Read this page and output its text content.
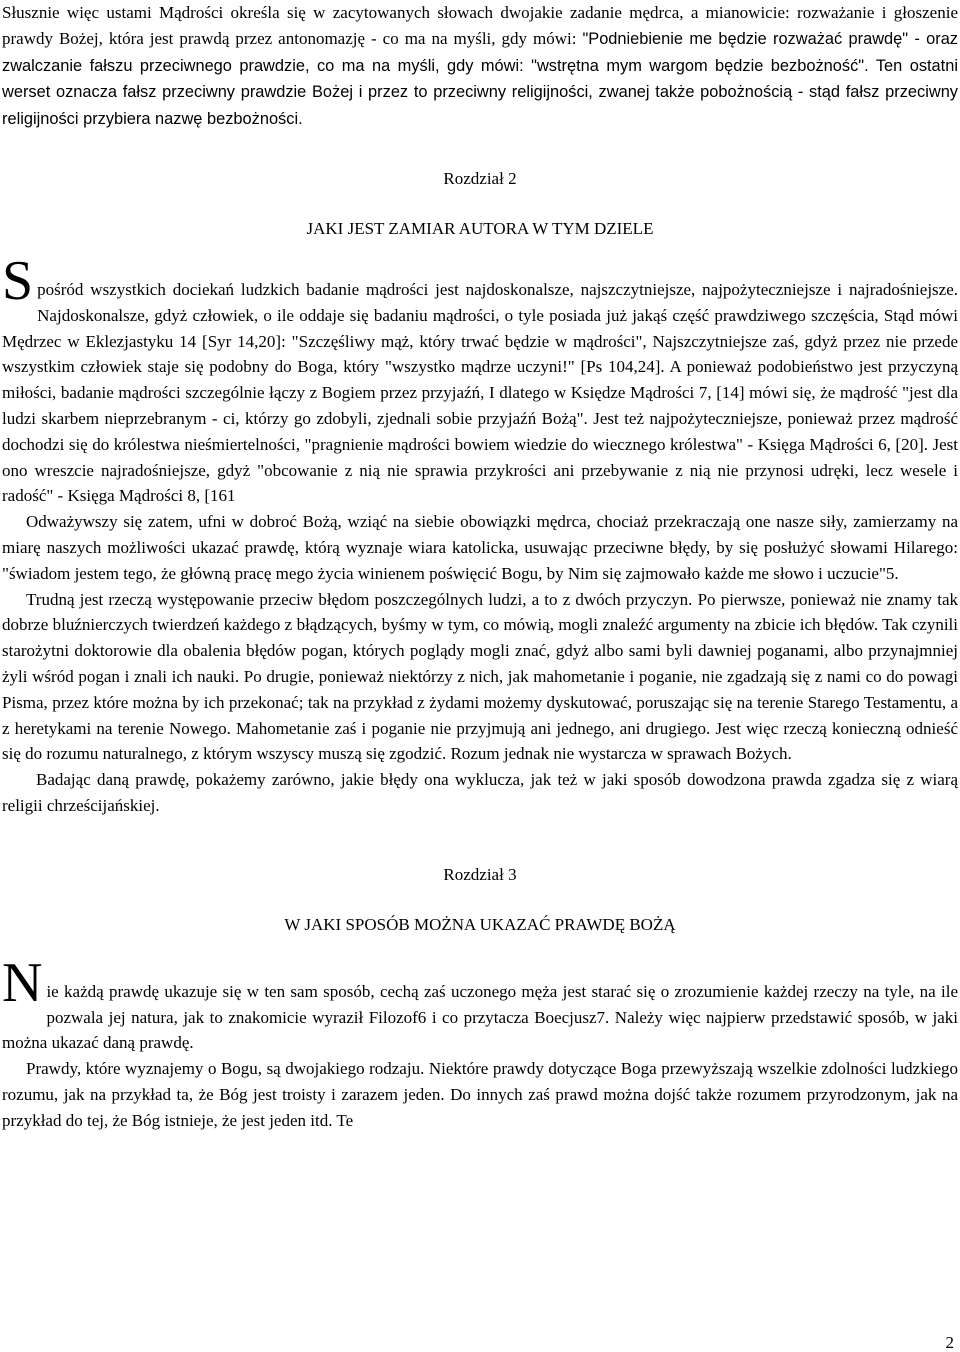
Słusznie więc ustami Mądrości określa się w zacytowanych słowach dwojakie zadanie mędrca, a mianowicie: rozważanie i głoszenie prawdy Bożej, która jest prawdą przez antonomazję - co ma na myśli, gdy mówi: "Podniebienie me będzie rozważać prawdę" - oraz zwalczanie fałszu przeciwnego prawdzie, co ma na myśli, gdy mówi: "wstrętna mym wargom będzie bezbożność". Ten ostatni werset oznacza fałsz przeciwny prawdzie Bożej i przez to przeciwny religijności, zwanej także pobożnością - stąd fałsz przeciwny religijności przybiera nazwę bezbożności.

Rozdział 2

JAKI JEST ZAMIAR AUTORA W TYM DZIELE

S pośród wszystkich dociekań ludzkich badanie mądrości jest najdoskonalsze, najszczytniejsze, najpożyteczniejsze i najradośniejsze. Najdoskonalsze, gdyż człowiek, o ile oddaje się badaniu mądrości, o tyle posiada już jakąś część prawdziwego szczęścia, Stąd mówi Mędrzec w Eklezjastyku 14 [Syr 14,20]: "Szczęśliwy mąż, który trwać będzie w mądrości", Najszczytniejsze zaś, gdyż przez nie przede wszystkim człowiek staje się podobny do Boga, który "wszystko mądrze uczyni!" [Ps 104,24]. A ponieważ podobieństwo jest przyczyną miłości, badanie mądrości szczególnie łączy z Bogiem przez przyjaźń, I dlatego w Księdze Mądrości 7, [14] mówi się, że mądrość "jest dla ludzi skarbem nieprzebranym - ci, którzy go zdobyli, zjednali sobie przyjaźń Bożą". Jest też najpożyteczniejsze, ponieważ przez mądrość dochodzi się do królestwa nieśmiertelności, "pragnienie mądrości bowiem wiedzie do wiecznego królestwa" - Księga Mądrości 6, [20]. Jest ono wreszcie najradośniejsze, gdyż "obcowanie z nią nie sprawia przykrości ani przebywanie z nią nie przynosi udręki, lecz wesele i radość" - Księga Mądrości 8, [161

Odważywszy się zatem, ufni w dobroć Bożą, wziąć na siebie obowiązki mędrca, chociaż przekraczają one nasze siły, zamierzamy na miarę naszych możliwości ukazać prawdę, którą wyznaje wiara katolicka, usuwając przeciwne błędy, by się posłużyć słowami Hilarego: "świadom jestem tego, że główną pracę mego życia winienem poświęcić Bogu, by Nim się zajmowało każde me słowo i uczucie"5.

Trudną jest rzeczą występowanie przeciw błędom poszczególnych ludzi, a to z dwóch przyczyn. Po pierwsze, ponieważ nie znamy tak dobrze bluźnierczych twierdzeń każdego z błądzących, byśmy w tym, co mówią, mogli znaleźć argumenty na zbicie ich błędów. Tak czynili starożytni doktorowie dla obalenia błędów pogan, których poglądy mogli znać, gdyż albo sami byli dawniej poganami, albo przynajmniej żyli wśród pogan i znali ich nauki. Po drugie, ponieważ niektórzy z nich, jak mahometanie i poganie, nie zgadzają się z nami co do powagi Pisma, przez które można by ich przekonać; tak na przykład z żydami możemy dyskutować, poruszając się na terenie Starego Testamentu, a z heretykami na terenie Nowego. Mahometanie zaś i poganie nie przyjmują ani jednego, ani drugiego. Jest więc rzeczą konieczną odnieść się do rozumu naturalnego, z którym wszyscy muszą się zgodzić. Rozum jednak nie wystarcza w sprawach Bożych.

Badając daną prawdę, pokażemy zarówno, jakie błędy ona wyklucza, jak też w jaki sposób dowodzona prawda zgadza się z wiarą religii chrześcijańskiej.

Rozdział 3

W JAKI SPOSÓB MOŻNA UKAZAĆ PRAWDĘ BOŻĄ

N ie każdą prawdę ukazuje się w ten sam sposób, cechą zaś uczonego męża jest starać się o zrozumienie każdej rzeczy na tyle, na ile pozwala jej natura, jak to znakomicie wyraził Filozof6 i co przytacza Boecjusz7. Należy więc najpierw przedstawić sposób, w jaki można ukazać daną prawdę.

Prawdy, które wyznajemy o Bogu, są dwojakiego rodzaju. Niektóre prawdy dotyczące Boga przewyższają wszelkie zdolności ludzkiego rozumu, jak na przykład ta, że Bóg jest troisty i zarazem jeden. Do innych zaś prawd można dojść także rozumem przyrodzonym, jak na przykład do tej, że Bóg istnieje, że jest jeden itd. Te

2
